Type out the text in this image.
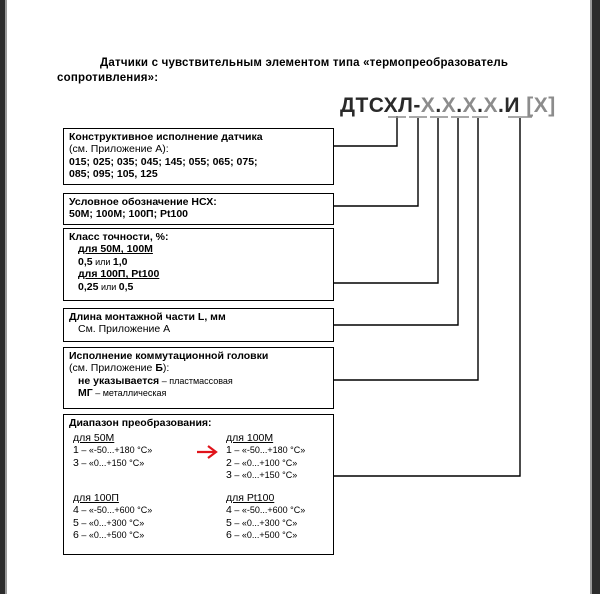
Датчики с чувствительным элементом типа «термопреобразователь
сопротивления»:
ДТСХЛ-Х.Х.Х.Х.И [Х]
Конструктивное исполнение датчика
(см. Приложение А):
015; 025; 035; 045; 145; 055; 065; 075;
085; 095; 105, 125
Условное обозначение НСХ:
50М; 100М; 100П; Pt100
Класс точности, %:
для 50М, 100М
0,5 или 1,0
для 100П, Pt100
0,25 или 0,5
Длина монтажной части L, мм
См. Приложение А
Исполнение коммутационной головки
(см. Приложение Б):
не указывается – пластмассовая
МГ – металлическая
Диапазон преобразования:
для 50М
1 – «-50...+180 °С»
3 – «0...+150 °С»
для 100М
1 – «-50...+180 °С»
2 – «0...+100 °С»
3 – «0...+150 °С»
для 100П
4 – «-50...+600 °С»
5 – «0...+300 °С»
6 – «0...+500 °С»
для Pt100
4 – «-50...+600 °С»
5 – «0...+300 °С»
6 – «0...+500 °С»
